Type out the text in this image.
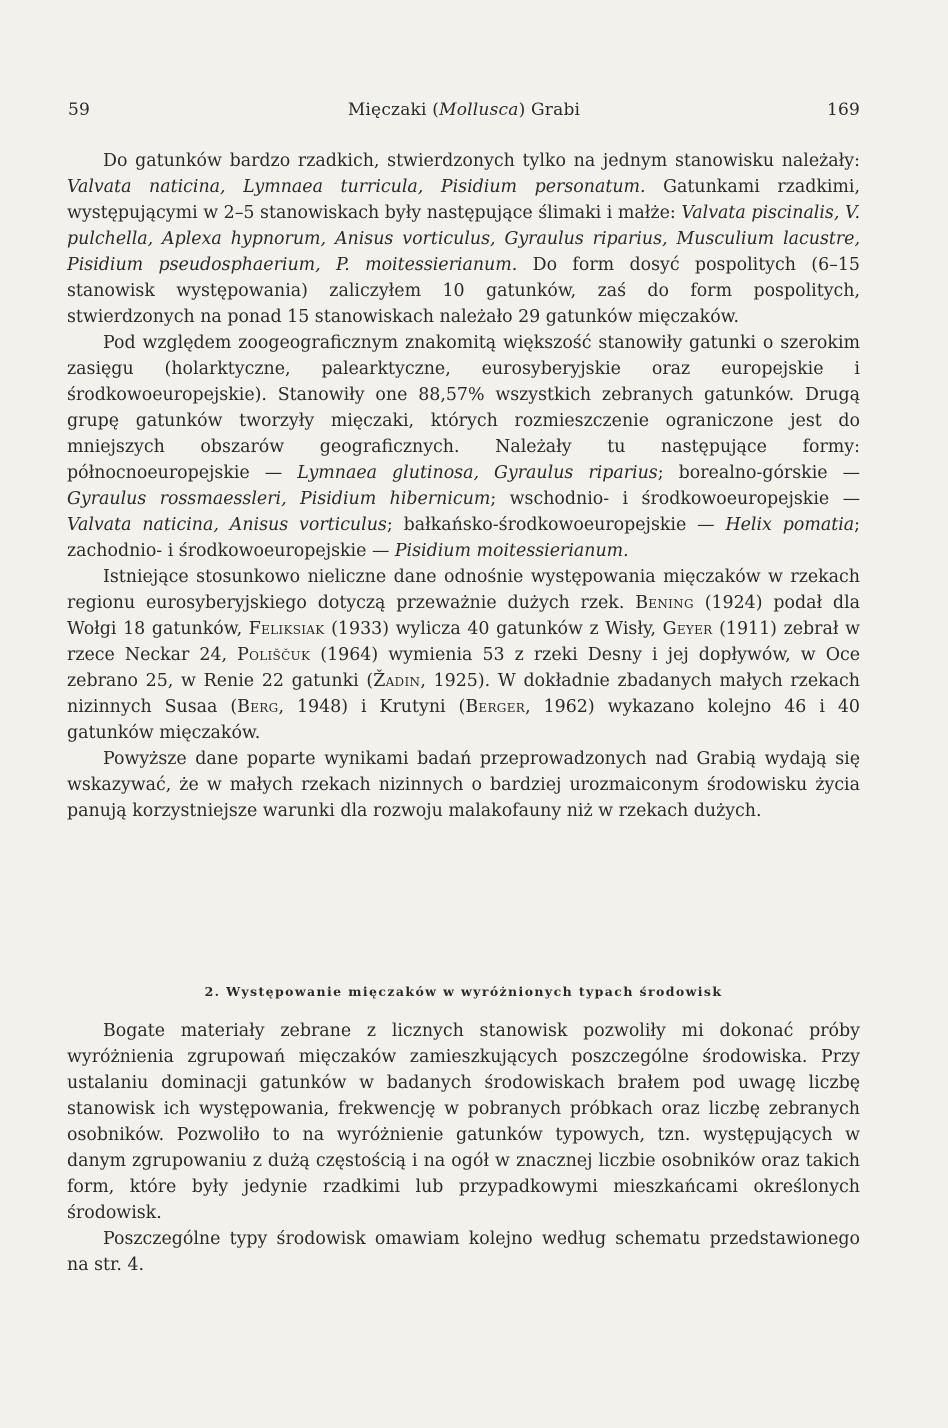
59	Mięczaki (Mollusca) Grabi	169

Do gatunków bardzo rzadkich, stwierdzonych tylko na jednym stanowisku należały: Valvata naticina, Lymnaea turricula, Pisidium personatum. Gatunkami rzadkimi, występującymi w 2–5 stanowiskach były następujące ślimaki i małże: Valvata piscinalis, V. pulchella, Aplexa hypnorum, Anisus vorticulus, Gyraulus riparius, Musculium lacustre, Pisidium pseudosphaerium, P. moitessierianum. Do form dosyć pospolitych (6–15 stanowisk występowania) zaliczyłem 10 gatunków, zaś do form pospolitych, stwierdzonych na ponad 15 stanowiskach należało 29 gatunków mięczaków.

Pod względem zoogeograficznym znakomitą większość stanowiły gatunki o szerokim zasięgu (holarktyczne, palearktyczne, eurosyberyjskie oraz europejskie i środkowoeuropejskie). Stanowiły one 88,57% wszystkich zebranych gatunków. Drugą grupę gatunków tworzyły mięczaki, których rozmieszczenie ograniczone jest do mniejszych obszarów geograficznych. Należały tu następujące formy: północnoeuropejskie — Lymnaea glutinosa, Gyraulus riparius; borealno-górskie — Gyraulus rossmaessleri, Pisidium hibernicum; wschodnio- i środkowoeuropejskie — Valvata naticina, Anisus vorticulus; bałkańsko-środkowoeuropejskie — Helix pomatia; zachodnio- i środkowoeuropejskie — Pisidium moitessierianum.

Istniejące stosunkowo nieliczne dane odnośnie występowania mięczaków w rzekach regionu eurosyberyjskiego dotyczą przeważnie dużych rzek. Bening (1924) podał dla Wołgi 18 gatunków, Feliksiak (1933) wylicza 40 gatunków z Wisły, Geyer (1911) zebrał w rzece Neckar 24, Poliščuk (1964) wymienia 53 z rzeki Desny i jej dopływów, w Oce zebrano 25, w Renie 22 gatunki (Žadin, 1925). W dokładnie zbadanych małych rzekach nizinnych Susaa (Berg, 1948) i Krutyni (Berger, 1962) wykazano kolejno 46 i 40 gatunków mięczaków.

Powyższe dane poparte wynikami badań przeprowadzonych nad Grabią wydają się wskazywać, że w małych rzekach nizinnych o bardziej urozmaiconym środowisku życia panują korzystniejsze warunki dla rozwoju malakofauny niż w rzekach dużych.

2. Występowanie mięczaków w wyróżnionych typach środowisk

Bogate materiały zebrane z licznych stanowisk pozwoliły mi dokonać próby wyróżnienia zgrupowań mięczaków zamieszkujących poszczególne środowiska. Przy ustalaniu dominacji gatunków w badanych środowiskach brałem pod uwagę liczbę stanowisk ich występowania, frekwencję w pobranych próbkach oraz liczbę zebranych osobników. Pozwoliło to na wyróżnienie gatunków typowych, tzn. występujących w danym zgrupowaniu z dużą częstością i na ogół w znacznej liczbie osobników oraz takich form, które były jedynie rzadkimi lub przypadkowymi mieszkańcami określonych środowisk.

Poszczególne typy środowisk omawiam kolejno według schematu przedstawionego na str. 4.
